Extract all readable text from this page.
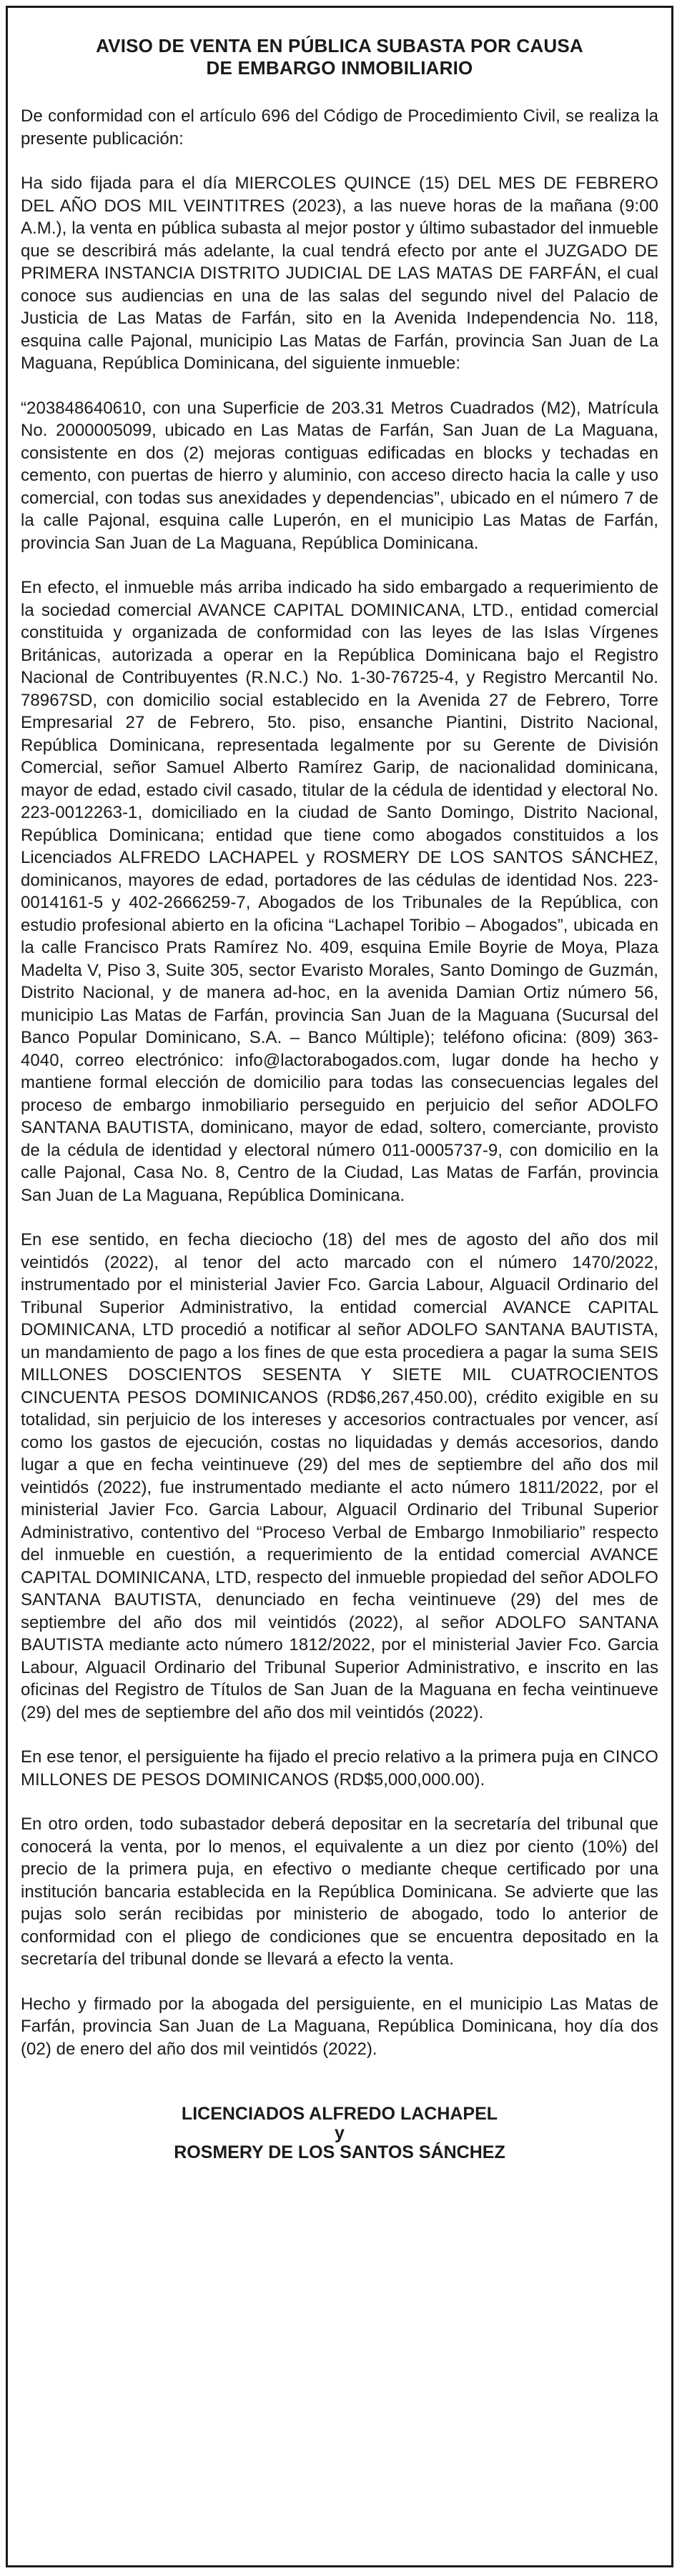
AVISO DE VENTA EN PÚBLICA SUBASTA POR CAUSA
DE EMBARGO INMOBILIARIO

De conformidad con el artículo 696 del Código de Procedimiento Civil, se realiza la presente publicación:

Ha sido fijada para el día MIERCOLES QUINCE (15) DEL MES DE FEBRERO DEL AÑO DOS MIL VEINTITRES (2023), a las nueve horas de la mañana (9:00 A.M.), la venta en pública subasta al mejor postor y último subastador del inmueble que se describirá más adelante, la cual tendrá efecto por ante el JUZGADO DE PRIMERA INSTANCIA DISTRITO JUDICIAL DE LAS MATAS DE FARFÁN, el cual conoce sus audiencias en una de las salas del segundo nivel del Palacio de Justicia de Las Matas de Farfán, sito en la Avenida Independencia No. 118, esquina calle Pajonal, municipio Las Matas de Farfán, provincia San Juan de La Maguana, República Dominicana, del siguiente inmueble:

“203848640610, con una Superficie de 203.31 Metros Cuadrados (M2), Matrícula No. 2000005099, ubicado en Las Matas de Farfán, San Juan de La Maguana, consistente en dos (2) mejoras contiguas edificadas en blocks y techadas en cemento, con puertas de hierro y aluminio, con acceso directo hacia la calle y uso comercial, con todas sus anexidades y dependencias”, ubicado en el número 7 de la calle Pajonal, esquina calle Luperón, en el municipio Las Matas de Farfán, provincia San Juan de La Maguana, República Dominicana.

En efecto, el inmueble más arriba indicado ha sido embargado a requerimiento de la sociedad comercial AVANCE CAPITAL DOMINICANA, LTD., entidad comercial constituida y organizada de conformidad con las leyes de las Islas Vírgenes Británicas, autorizada a operar en la República Dominicana bajo el Registro Nacional de Contribuyentes (R.N.C.) No. 1-30-76725-4, y Registro Mercantil No. 78967SD, con domicilio social establecido en la Avenida 27 de Febrero, Torre Empresarial 27 de Febrero, 5to. piso, ensanche Piantini, Distrito Nacional, República Dominicana, representada legalmente por su Gerente de División Comercial, señor Samuel Alberto Ramírez Garip, de nacionalidad dominicana, mayor de edad, estado civil casado, titular de la cédula de identidad y electoral No. 223-0012263-1, domiciliado en la ciudad de Santo Domingo, Distrito Nacional, República Dominicana; entidad que tiene como abogados constituidos a los Licenciados ALFREDO LACHAPEL y ROSMERY DE LOS SANTOS SÁNCHEZ, dominicanos, mayores de edad, portadores de las cédulas de identidad Nos. 223-0014161-5 y 402-2666259-7, Abogados de los Tribunales de la República, con estudio profesional abierto en la oficina “Lachapel Toribio – Abogados”, ubicada en la calle Francisco Prats Ramírez No. 409, esquina Emile Boyrie de Moya, Plaza Madelta V, Piso 3, Suite 305, sector Evaristo Morales, Santo Domingo de Guzmán, Distrito Nacional, y de manera ad-hoc, en la avenida Damian Ortiz número 56, municipio Las Matas de Farfán, provincia San Juan de la Maguana (Sucursal del Banco Popular Dominicano, S.A. – Banco Múltiple); teléfono oficina: (809) 363-4040, correo electrónico: info@lactorabogados.com, lugar donde ha hecho y mantiene formal elección de domicilio para todas las consecuencias legales del proceso de embargo inmobiliario perseguido en perjuicio del señor ADOLFO SANTANA BAUTISTA, dominicano, mayor de edad, soltero, comerciante, provisto de la cédula de identidad y electoral número 011-0005737-9, con domicilio en la calle Pajonal, Casa No. 8, Centro de la Ciudad, Las Matas de Farfán, provincia San Juan de La Maguana, República Dominicana.

En ese sentido, en fecha dieciocho (18) del mes de agosto del año dos mil veintidós (2022), al tenor del acto marcado con el número 1470/2022, instrumentado por el ministerial Javier Fco. Garcia Labour, Alguacil Ordinario del Tribunal Superior Administrativo, la entidad comercial AVANCE CAPITAL DOMINICANA, LTD procedió a notificar al señor ADOLFO SANTANA BAUTISTA, un mandamiento de pago a los fines de que esta procediera a pagar la suma SEIS MILLONES DOSCIENTOS SESENTA Y SIETE MIL CUATROCIENTOS CINCUENTA PESOS DOMINICANOS (RD$6,267,450.00), crédito exigible en su totalidad, sin perjuicio de los intereses y accesorios contractuales por vencer, así como los gastos de ejecución, costas no liquidadas y demás accesorios, dando lugar a que en fecha veintinueve (29) del mes de septiembre del año dos mil veintidós (2022), fue instrumentado mediante el acto número 1811/2022, por el ministerial Javier Fco. Garcia Labour, Alguacil Ordinario del Tribunal Superior Administrativo, contentivo del “Proceso Verbal de Embargo Inmobiliario” respecto del inmueble en cuestión, a requerimiento de la entidad comercial AVANCE CAPITAL DOMINICANA, LTD, respecto del inmueble propiedad del señor ADOLFO SANTANA BAUTISTA, denunciado en fecha veintinueve (29) del mes de septiembre del año dos mil veintidós (2022), al señor ADOLFO SANTANA BAUTISTA mediante acto número 1812/2022, por el ministerial Javier Fco. Garcia Labour, Alguacil Ordinario del Tribunal Superior Administrativo, e inscrito en las oficinas del Registro de Títulos de San Juan de la Maguana en fecha veintinueve (29) del mes de septiembre del año dos mil veintidós (2022).

En ese tenor, el persiguiente ha fijado el precio relativo a la primera puja en CINCO MILLONES DE PESOS DOMINICANOS (RD$5,000,000.00).

En otro orden, todo subastador deberá depositar en la secretaría del tribunal que conocerá la venta, por lo menos, el equivalente a un diez por ciento (10%) del precio de la primera puja, en efectivo o mediante cheque certificado por una institución bancaria establecida en la República Dominicana. Se advierte que las pujas solo serán recibidas por ministerio de abogado, todo lo anterior de conformidad con el pliego de condiciones que se encuentra depositado en la secretaría del tribunal donde se llevará a efecto la venta.

Hecho y firmado por la abogada del persiguiente, en el municipio Las Matas de Farfán, provincia San Juan de La Maguana, República Dominicana, hoy día dos (02) de enero del año dos mil veintidós (2022).

LICENCIADOS ALFREDO LACHAPEL
y
ROSMERY DE LOS SANTOS SÁNCHEZ
